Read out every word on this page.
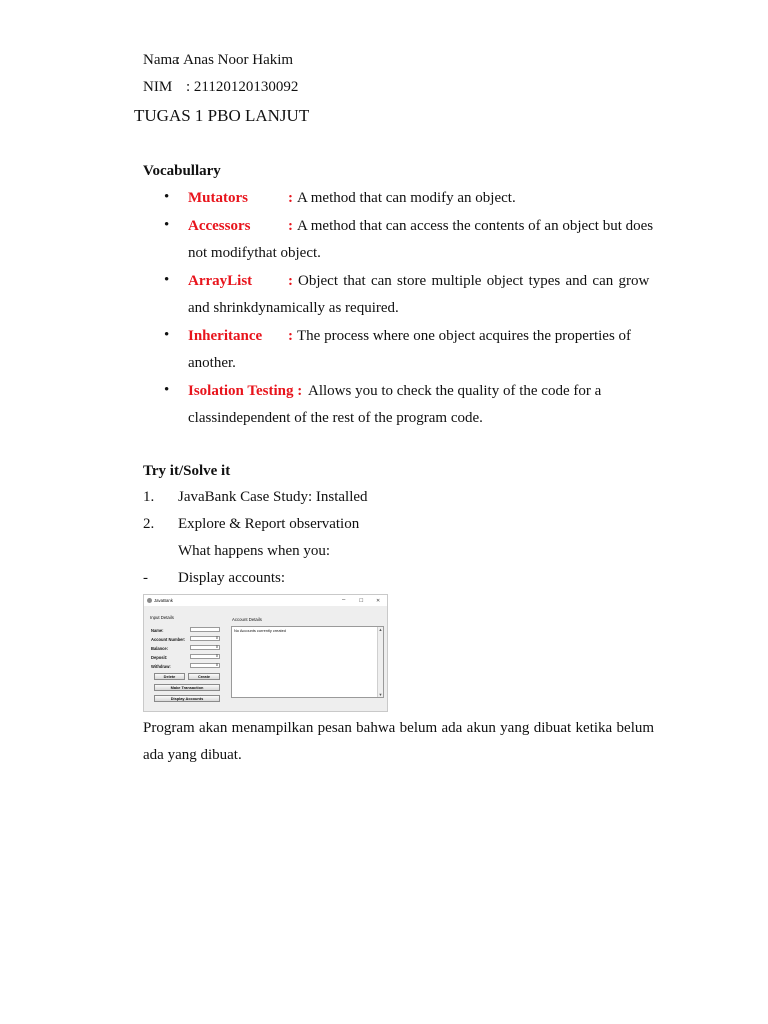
Nama
: Anas Noor Hakim
NIM : 21120120130092
TUGAS 1 PBO LANJUT
Vocabullary
• Mutators	: A method that can modify an object.
• Accessors	: A method that can access the contents of an object but does
not modifythat object.
• ArrayList : Object that can store multiple object types and can grow
and shrinkdynamically as required.
• Inheritance : The process where one object acquires the properties of
another.
• Isolation Testing : Allows you to check the quality of the code for a
classindependent of the rest of the program code.
Try it/Solve it
1. JavaBank Case Study: Installed
2. Explore & Report observation
What happens when you:
- Display accounts:
JavaBank	–	☐	✕
Input Details	Account Details
Name:
Account Number:	0
Balance:	0
Deposit:	0
Withdraw:	0
Delete	Create
Make Transaction
Display Accounts
No Accounts currently created	▲
▼
Program akan menampilkan pesan bahwa belum ada akun yang dibuat ketika belum
ada yang dibuat.
